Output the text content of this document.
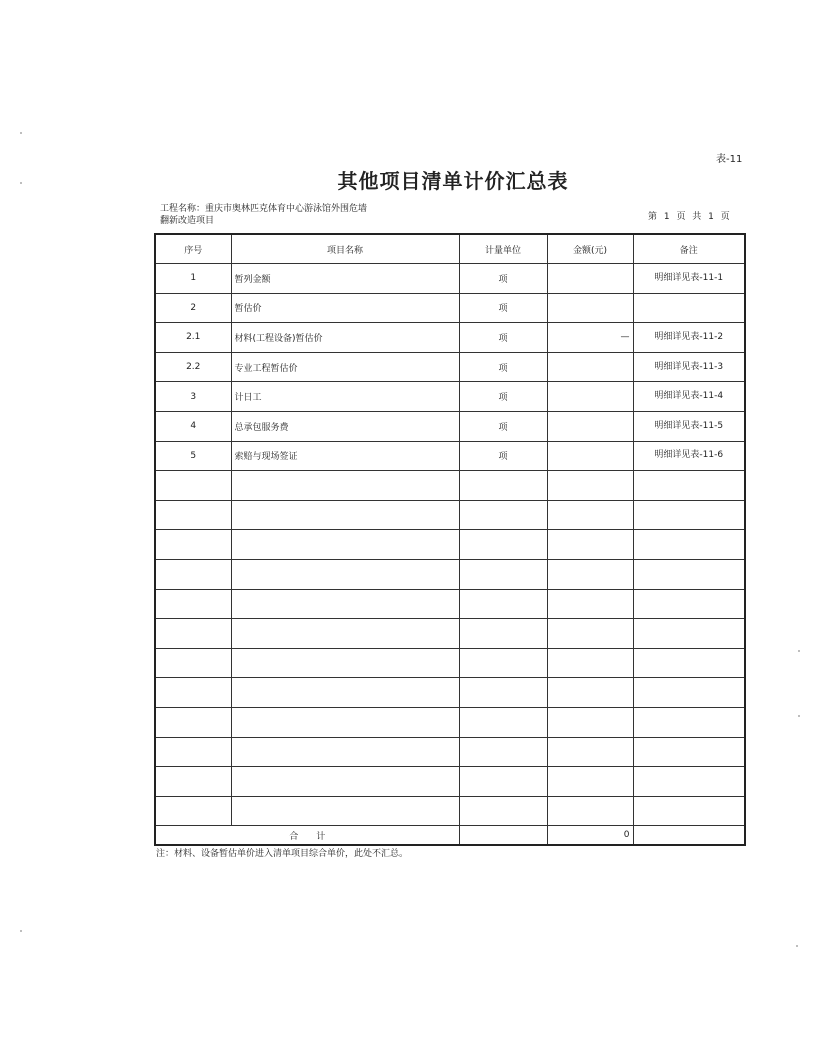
表-11
其他项目清单计价汇总表
工程名称：重庆市奥林匹克体育中心游泳馆外围危墙
翻新改造项目	第 1 页 共 1 页
序号	项目名称	计量单位	金额(元)	备注
1	暂列金额	项		明细详见表-11-1
2	暂估价	项		
2.1	材料(工程设备)暂估价	项	—	明细详见表-11-2
2.2	专业工程暂估价	项		明细详见表-11-3
3	计日工	项		明细详见表-11-4
4	总承包服务费	项		明细详见表-11-5
5	索赔与现场签证	项		明细详见表-11-6

合　　计			0	
注：材料、设备暂估单价进入清单项目综合单价，此处不汇总。
